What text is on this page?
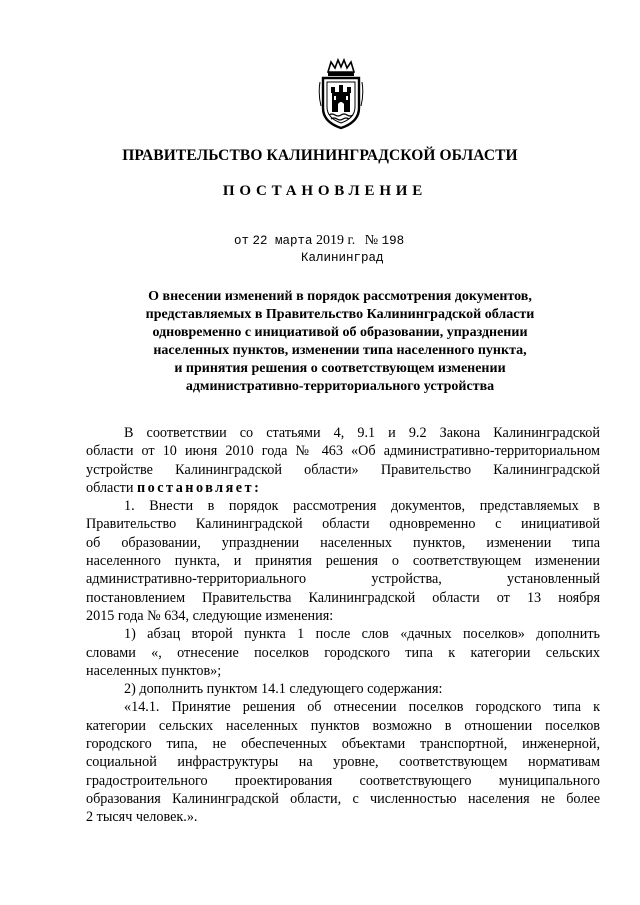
ПРАВИТЕЛЬСТВО КАЛИНИНГРАДСКОЙ ОБЛАСТИ
ПОСТАНОВЛЕНИЕ
от 22 марта 2019 г. № 198
Калининград
О внесении изменений в порядок рассмотрения документов,
представляемых в Правительство Калининградской области
одновременно с инициативой об образовании, упразднении
населенных пунктов, изменении типа населенного пункта,
и принятия решения о соответствующем изменении
административно-территориального устройства
В соответствии со статьями 4, 9.1 и 9.2 Закона Калининградской
области от 10 июня 2010 года № 463 «Об административно-территориальном
устройстве Калининградской области» Правительство Калининградской
области постановляет:
1. Внести в порядок рассмотрения документов, представляемых в
Правительство Калининградской области одновременно с инициативой
об образовании, упразднении населенных пунктов, изменении типа
населенного пункта, и принятия решения о соответствующем изменении
административно-территориального устройства, установленный
постановлением Правительства Калининградской области от 13 ноября
2015 года № 634, следующие изменения:
1) абзац второй пункта 1 после слов «дачных поселков» дополнить
словами «, отнесение поселков городского типа к категории сельских
населенных пунктов»;
2) дополнить пунктом 14.1 следующего содержания:
«14.1. Принятие решения об отнесении поселков городского типа к
категории сельских населенных пунктов возможно в отношении поселков
городского типа, не обеспеченных объектами транспортной, инженерной,
социальной инфраструктуры на уровне, соответствующем нормативам
градостроительного проектирования соответствующего муниципального
образования Калининградской области, с численностью населения не более
2 тысяч человек.».
